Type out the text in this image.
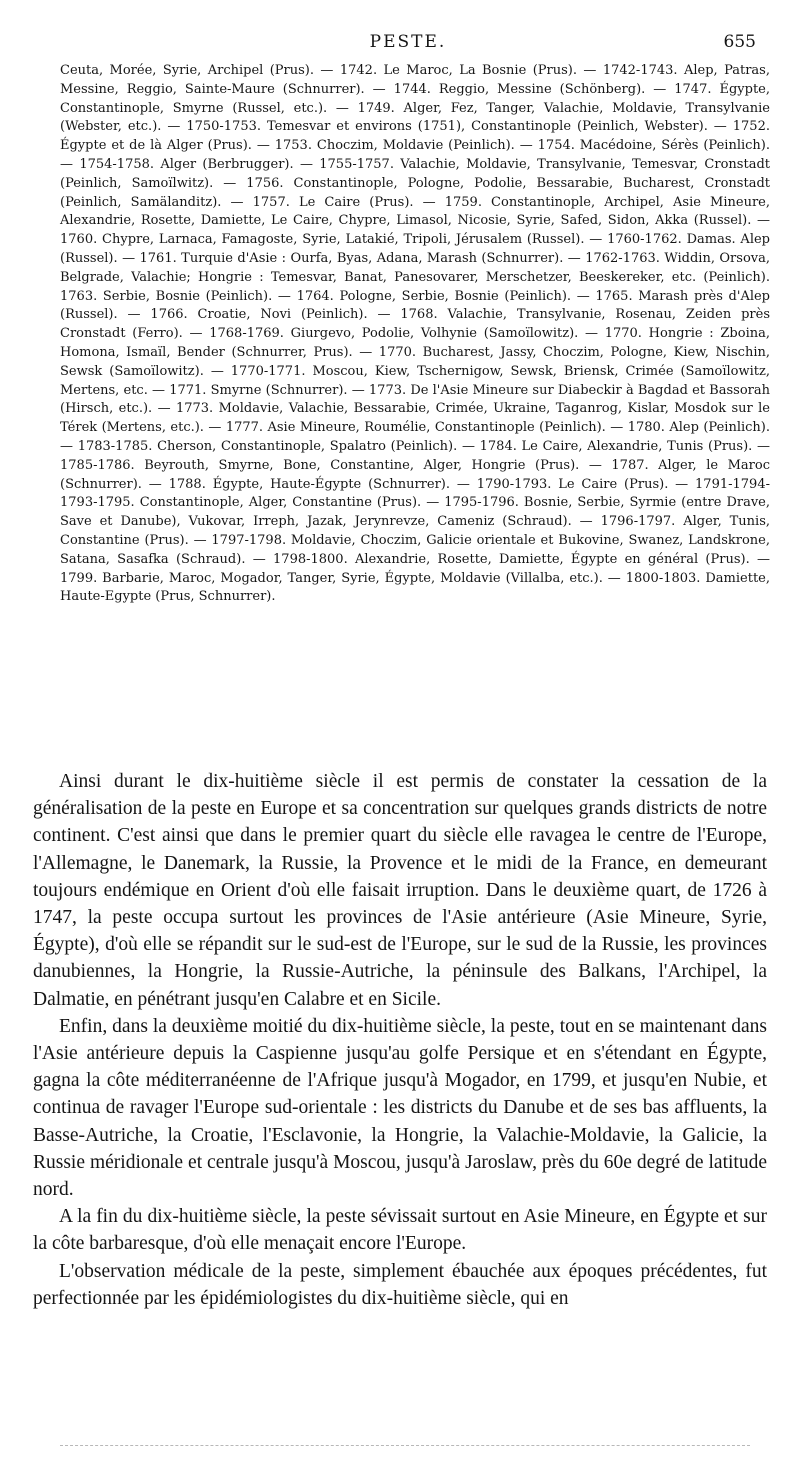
PESTE.	655

Ceuta, Morée, Syrie, Archipel (Prus). — 1742. Le Maroc, La Bosnie (Prus). — 1742-1743. Alep, Patras, Messine, Reggio, Sainte-Maure (Schnurrer). — 1744. Reggio, Messine (Schönberg). — 1747. Égypte, Constantinople, Smyrne (Russel, etc.). — 1749. Alger, Fez, Tanger, Valachie, Moldavie, Transylvanie (Webster, etc.). — 1750-1753. Temesvar et environs (1751), Constantinople (Peinlich, Webster). — 1752. Égypte et de là Alger (Prus). — 1753. Choczim, Moldavie (Peinlich). — 1754. Macédoine, Sérès (Peinlich). — 1754-1758. Alger (Berbrugger). — 1755-1757. Valachie, Moldavie, Transylvanie, Temesvar, Cronstadt (Peinlich, Samoïlwitz). — 1756. Constantinople, Pologne, Podolie, Bessarabie, Bucharest, Cronstadt (Peinlich, Samälanditz). — 1757. Le Caire (Prus). — 1759. Constantinople, Archipel, Asie Mineure, Alexandrie, Rosette, Damiette, Le Caire, Chypre, Limasol, Nicosie, Syrie, Safed, Sidon, Akka (Russel). — 1760. Chypre, Larnaca, Famagoste, Syrie, Latakié, Tripoli, Jérusalem (Russel). — 1760-1762. Damas. Alep (Russel). — 1761. Turquie d'Asie : Ourfa, Byas, Adana, Marash (Schnurrer). — 1762-1763. Widdin, Orsova, Belgrade, Valachie; Hongrie : Temesvar, Banat, Panesovarer, Merschetzer, Beeskereker, etc. (Peinlich). 1763. Serbie, Bosnie (Peinlich). — 1764. Pologne, Serbie, Bosnie (Peinlich). — 1765. Marash près d'Alep (Russel). — 1766. Croatie, Novi (Peinlich). — 1768. Valachie, Transylvanie, Rosenau, Zeiden près Cronstadt (Ferro). — 1768-1769. Giurgevo, Podolie, Volhynie (Samoïlowitz). — 1770. Hongrie : Zboina, Homona, Ismaïl, Bender (Schnurrer, Prus). — 1770. Bucharest, Jassy, Choczim, Pologne, Kiew, Nischin, Sewsk (Samoïlowitz). — 1770-1771. Moscou, Kiew, Tschernigow, Sewsk, Briensk, Crimée (Samoïlowitz, Mertens, etc. — 1771. Smyrne (Schnurrer). — 1773. De l'Asie Mineure sur Diabeckir à Bagdad et Bassorah (Hirsch, etc.). — 1773. Moldavie, Valachie, Bessarabie, Crimée, Ukraine, Taganrog, Kislar, Mosdok sur le Térek (Mertens, etc.). — 1777. Asie Mineure, Roumélie, Constantinople (Peinlich). — 1780. Alep (Peinlich). — 1783-1785. Cherson, Constantinople, Spalatro (Peinlich). — 1784. Le Caire, Alexandrie, Tunis (Prus). — 1785-1786. Beyrouth, Smyrne, Bone, Constantine, Alger, Hongrie (Prus). — 1787. Alger, le Maroc (Schnurrer). — 1788. Égypte, Haute-Égypte (Schnurrer). — 1790-1793. Le Caire (Prus). — 1791-1794-1793-1795. Constantinople, Alger, Constantine (Prus). — 1795-1796. Bosnie, Serbie, Syrmie (entre Drave, Save et Danube), Vukovar, Irreph, Jazak, Jerynrevze, Cameniz (Schraud). — 1796-1797. Alger, Tunis, Constantine (Prus). — 1797-1798. Moldavie, Choczim, Galicie orientale et Bukovine, Swanez, Landskrone, Satana, Sasafka (Schraud). — 1798-1800. Alexandrie, Rosette, Damiette, Égypte en général (Prus). — 1799. Barbarie, Maroc, Mogador, Tanger, Syrie, Égypte, Moldavie (Villalba, etc.). — 1800-1803. Damiette, Haute-Egypte (Prus, Schnurrer).

Ainsi durant le dix-huitième siècle il est permis de constater la cessation de la généralisation de la peste en Europe et sa concentration sur quelques grands districts de notre continent. C'est ainsi que dans le premier quart du siècle elle ravagea le centre de l'Europe, l'Allemagne, le Danemark, la Russie, la Provence et le midi de la France, en demeurant toujours endémique en Orient d'où elle faisait irruption. Dans le deuxième quart, de 1726 à 1747, la peste occupa surtout les provinces de l'Asie antérieure (Asie Mineure, Syrie, Égypte), d'où elle se répandit sur le sud-est de l'Europe, sur le sud de la Russie, les provinces danubiennes, la Hongrie, la Russie-Autriche, la péninsule des Balkans, l'Archipel, la Dalmatie, en pénétrant jusqu'en Calabre et en Sicile.

Enfin, dans la deuxième moitié du dix-huitième siècle, la peste, tout en se maintenant dans l'Asie antérieure depuis la Caspienne jusqu'au golfe Persique et en s'étendant en Égypte, gagna la côte méditerranéenne de l'Afrique jusqu'à Mogador, en 1799, et jusqu'en Nubie, et continua de ravager l'Europe sud-orientale : les districts du Danube et de ses bas affluents, la Basse-Autriche, la Croatie, l'Esclavonie, la Hongrie, la Valachie-Moldavie, la Galicie, la Russie méridionale et centrale jusqu'à Moscou, jusqu'à Jaroslaw, près du 60e degré de latitude nord.

A la fin du dix-huitième siècle, la peste sévissait surtout en Asie Mineure, en Égypte et sur la côte barbaresque, d'où elle menaçait encore l'Europe.

L'observation médicale de la peste, simplement ébauchée aux époques précédentes, fut perfectionnée par les épidémiologistes du dix-huitième siècle, qui en
